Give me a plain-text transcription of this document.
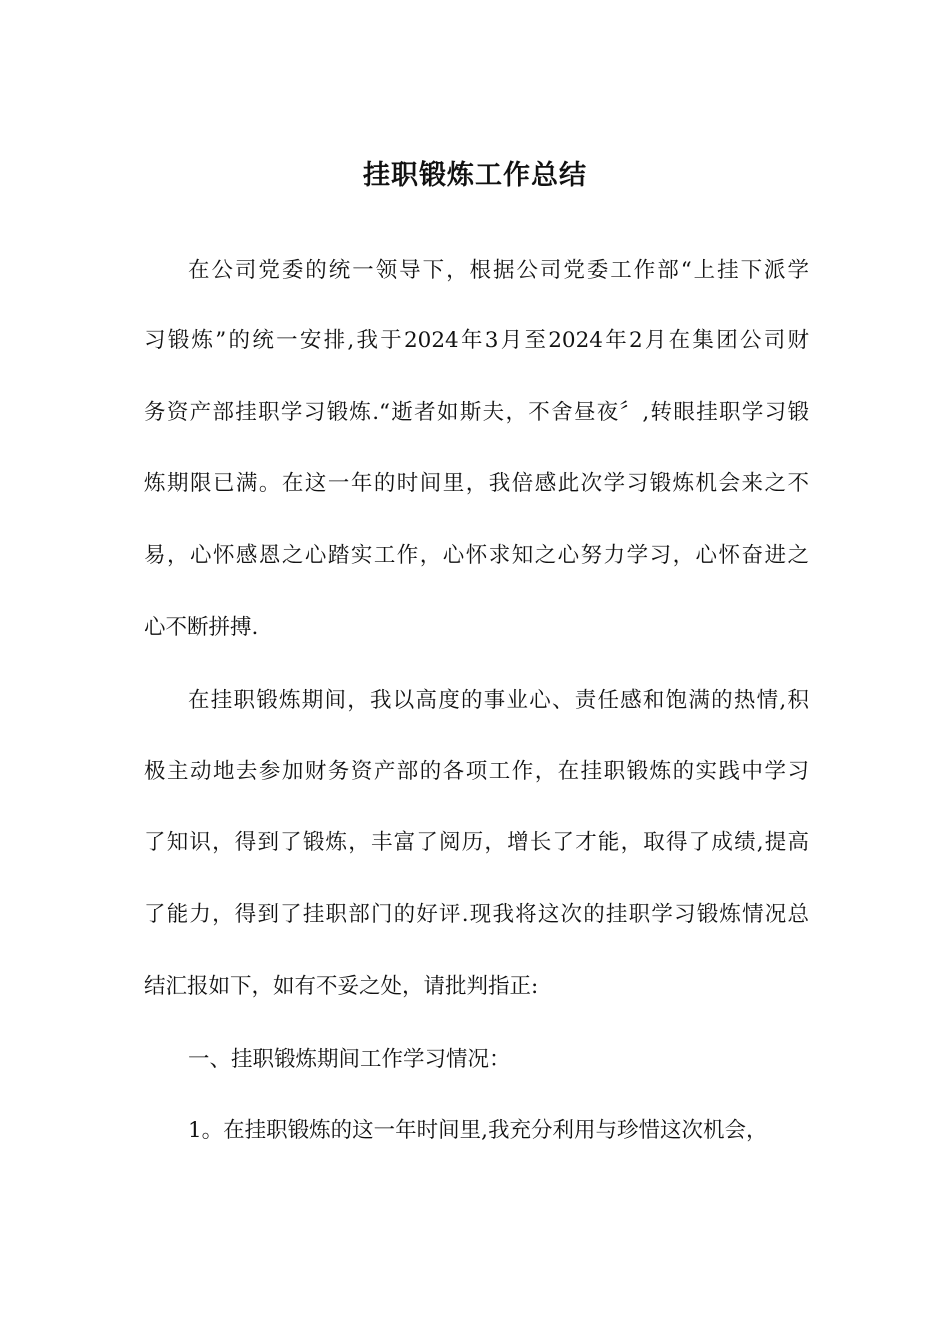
挂职锻炼工作总结

在公司党委的统一领导下，根据公司党委工作部“上挂下派学

习锻炼”的统一安排,我于2024年3月至2024年2月在集团公司财

务资产部挂职学习锻炼.“逝者如斯夫，不舍昼夜〞,转眼挂职学习锻

炼期限已满。在这一年的时间里，我倍感此次学习锻炼机会来之不

易，心怀感恩之心踏实工作，心怀求知之心努力学习，心怀奋进之

心不断拼搏.

在挂职锻炼期间，我以高度的事业心、责任感和饱满的热情,积

极主动地去参加财务资产部的各项工作，在挂职锻炼的实践中学习

了知识，得到了锻炼，丰富了阅历，增长了才能，取得了成绩,提高

了能力，得到了挂职部门的好评.现我将这次的挂职学习锻炼情况总

结汇报如下，如有不妥之处，请批判指正:

一、挂职锻炼期间工作学习情况：

1。在挂职锻炼的这一年时间里,我充分利用与珍惜这次机会，
